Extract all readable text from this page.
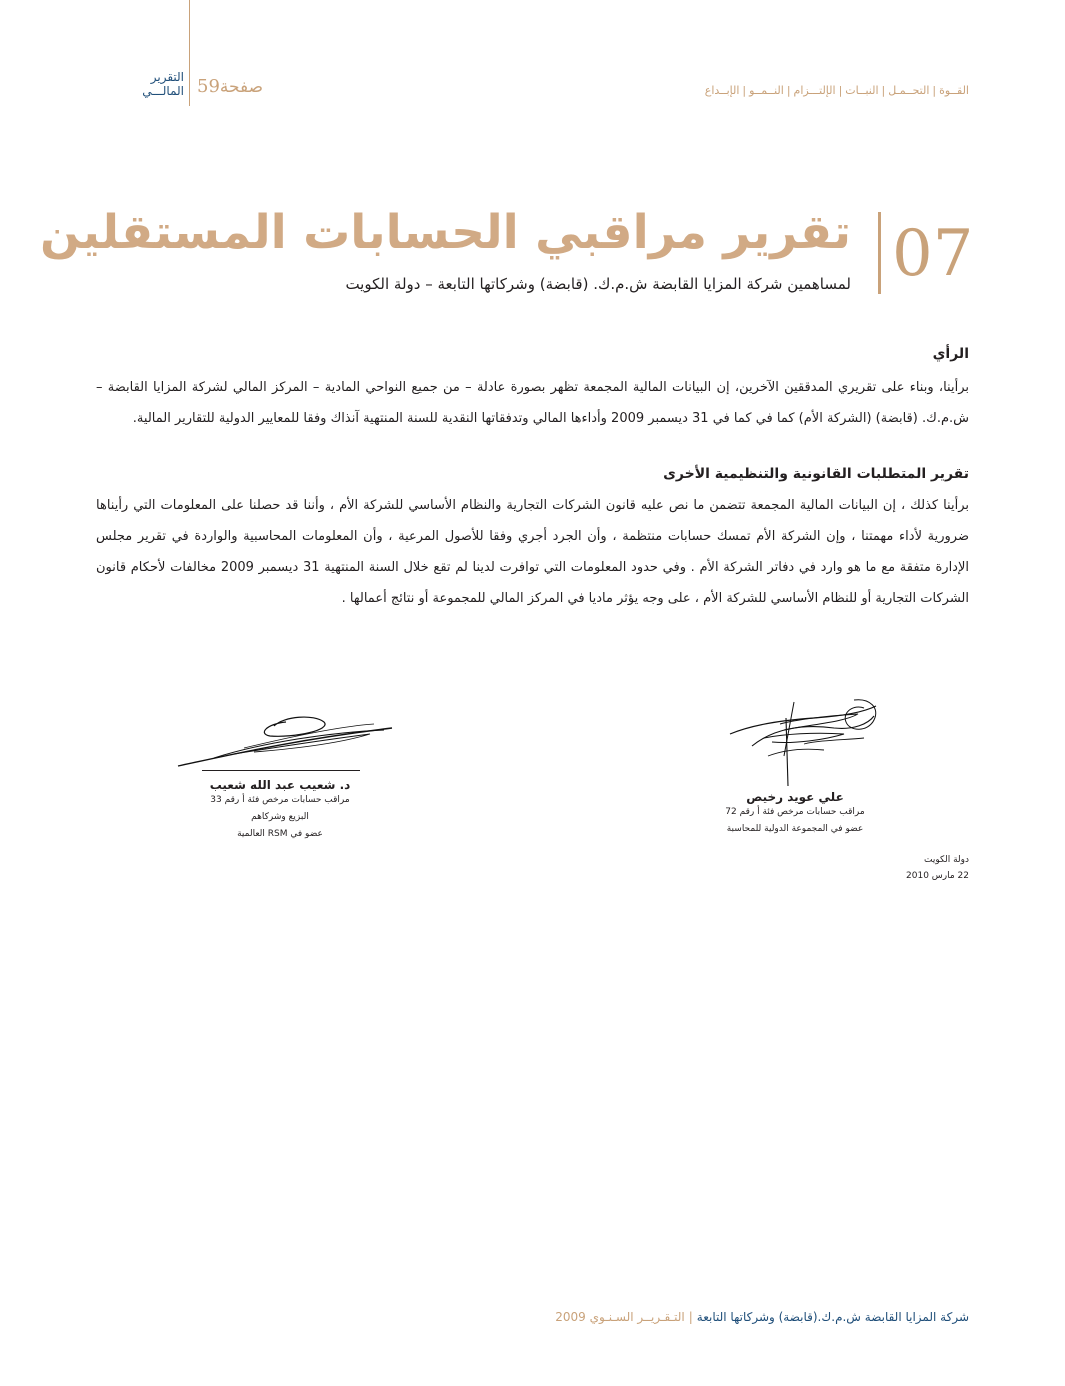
التقرير
المالـــي 59صفحة	القــوة|التحــمـل|النبــات|الإلتـــزام|النــمــو|الإبــداع
07
تقرير مراقبي الحسابات المستقلين
لمساهمين شركة المزايا القابضة ش.م.ك. (قابضة) وشركاتها التابعة – دولة الكويت
الرأي

برأينا، وبناء على تقريري المدققين الآخرين، إن البيانات المالية المجمعة تظهر بصورة عادلة – من جميع النواحي المادية – المركز المالي لشركة المزايا القابضة – ش.م.ك. (قابضة) (الشركة الأم) كما في كما في 31 ديسمبر 2009 وأداءها المالي وتدفقاتها النقدية للسنة المنتهية آنذاك وفقا للمعايير الدولية للتقارير المالية.

تقرير المتطلبات القانونية والتنظيمية الأخرى

برأينا كذلك ، إن البيانات المالية المجمعة تتضمن ما نص عليه قانون الشركات التجارية والنظام الأساسي للشركة الأم ، وأننا قد حصلنا على المعلومات التي رأيناها ضرورية لأداء مهمتنا ، وإن الشركة الأم تمسك حسابات منتظمة ، وأن الجرد أجري وفقا للأصول المرعية ، وأن المعلومات المحاسبية والواردة في تقرير مجلس الإدارة متفقة مع ما هو وارد في دفاتر الشركة الأم . وفي حدود المعلومات التي توافرت لدينا لم تقع خلال السنة المنتهية 31 ديسمبر 2009 مخالفات لأحكام قانون الشركات التجارية أو للنظام الأساسي للشركة الأم ، على وجه يؤثر ماديا في المركز المالي للمجموعة أو نتائج أعمالها .

د. شعيب عبد الله شعيب
مراقب حسابات مرخص فئة أ رقم 33
البزيع وشركاهم
عضو في RSM العالمية
علي عويد رخيص
مراقب حسابات مرخص فئة أ رقم 72
عضو في المجموعة الدولية للمحاسبة
دولة الكويت
22 مارس 2010
شركة المزايا القابضة ش.م.ك.(قابضة) وشركاتها التابعة|التـقـريــر السـنـوي 2009
